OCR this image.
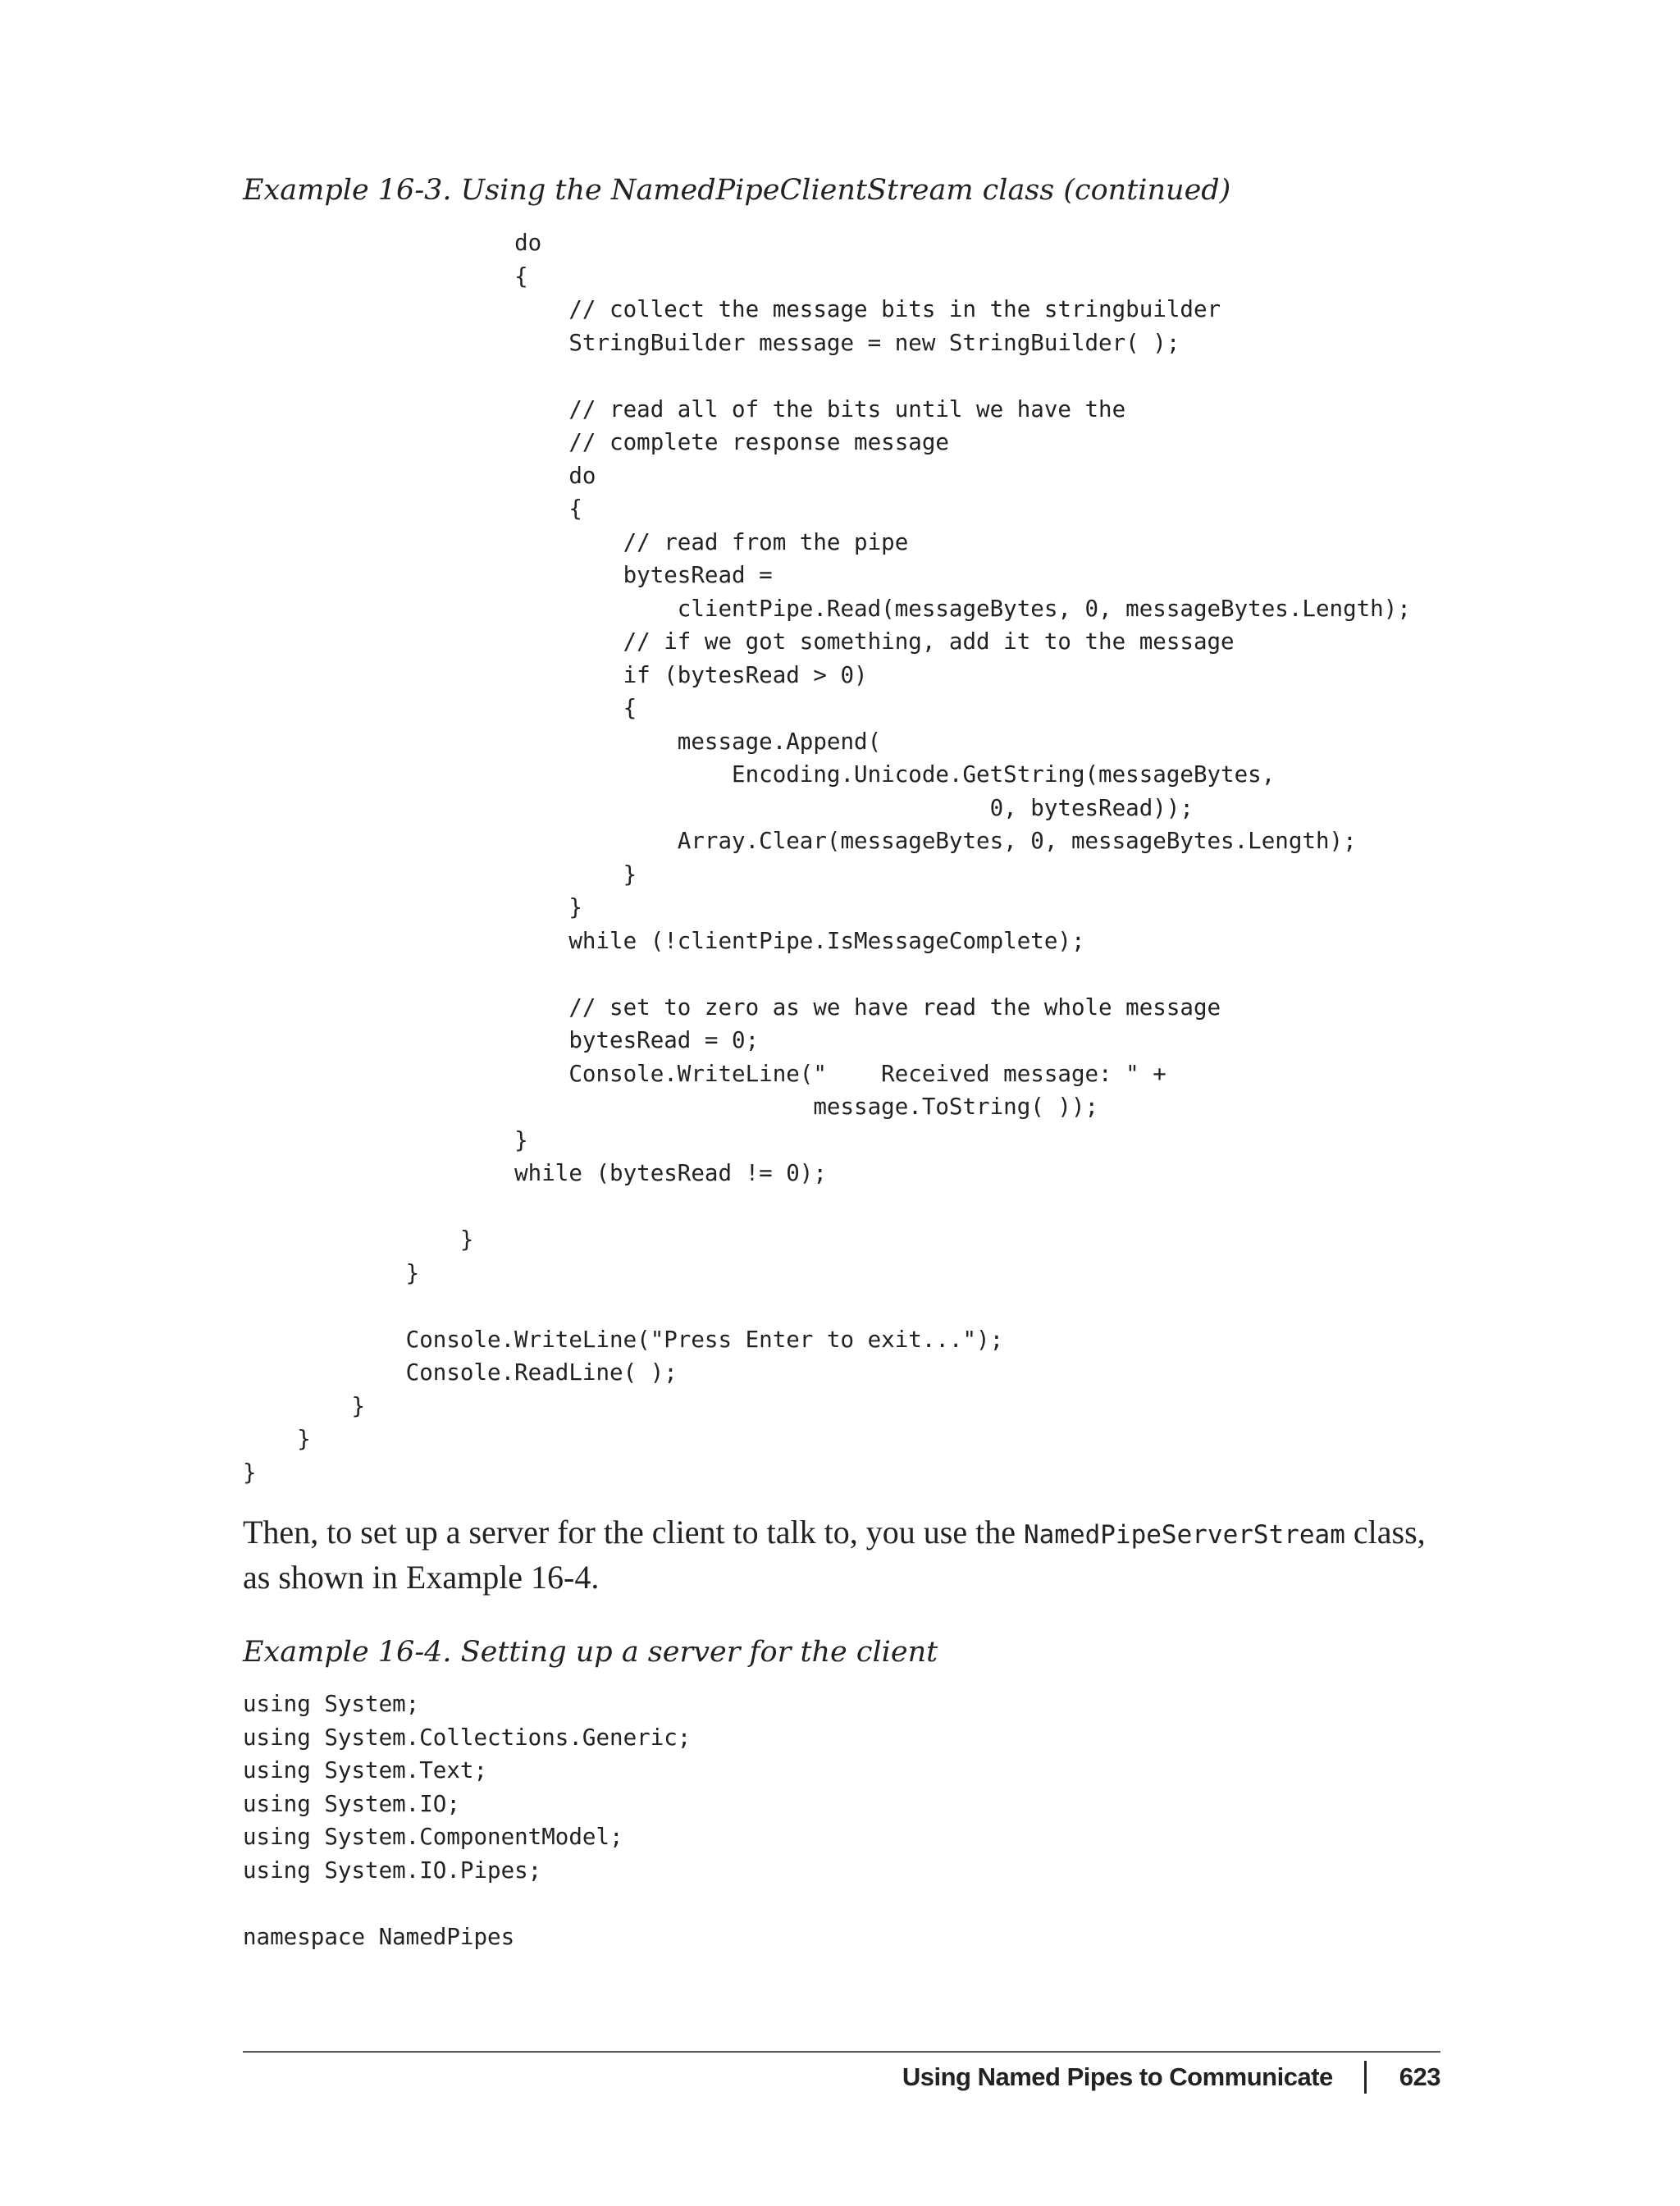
Example 16-3. Using the NamedPipeClientStream class (continued)

do
{
// collect the message bits in the stringbuilder
StringBuilder message = new StringBuilder( );

// read all of the bits until we have the
// complete response message
do
{
// read from the pipe
bytesRead =
clientPipe.Read(messageBytes, 0, messageBytes.Length);
// if we got something, add it to the message
if (bytesRead > 0)
{
message.Append(
Encoding.Unicode.GetString(messageBytes,
0, bytesRead));
Array.Clear(messageBytes, 0, messageBytes.Length);
}
}
while (!clientPipe.IsMessageComplete);

// set to zero as we have read the whole message
bytesRead = 0;
Console.WriteLine("    Received message: " +
message.ToString( ));
}
while (bytesRead != 0);

}
}

Console.WriteLine("Press Enter to exit...");
Console.ReadLine( );
}
}
}

Then, to set up a server for the client to talk to, you use the NamedPipeServerStream class, as shown in Example 16-4.

Example 16-4. Setting up a server for the client

using System;
using System.Collections.Generic;
using System.Text;
using System.IO;
using System.ComponentModel;
using System.IO.Pipes;

namespace NamedPipes
Using Named Pipes to Communicate	623
